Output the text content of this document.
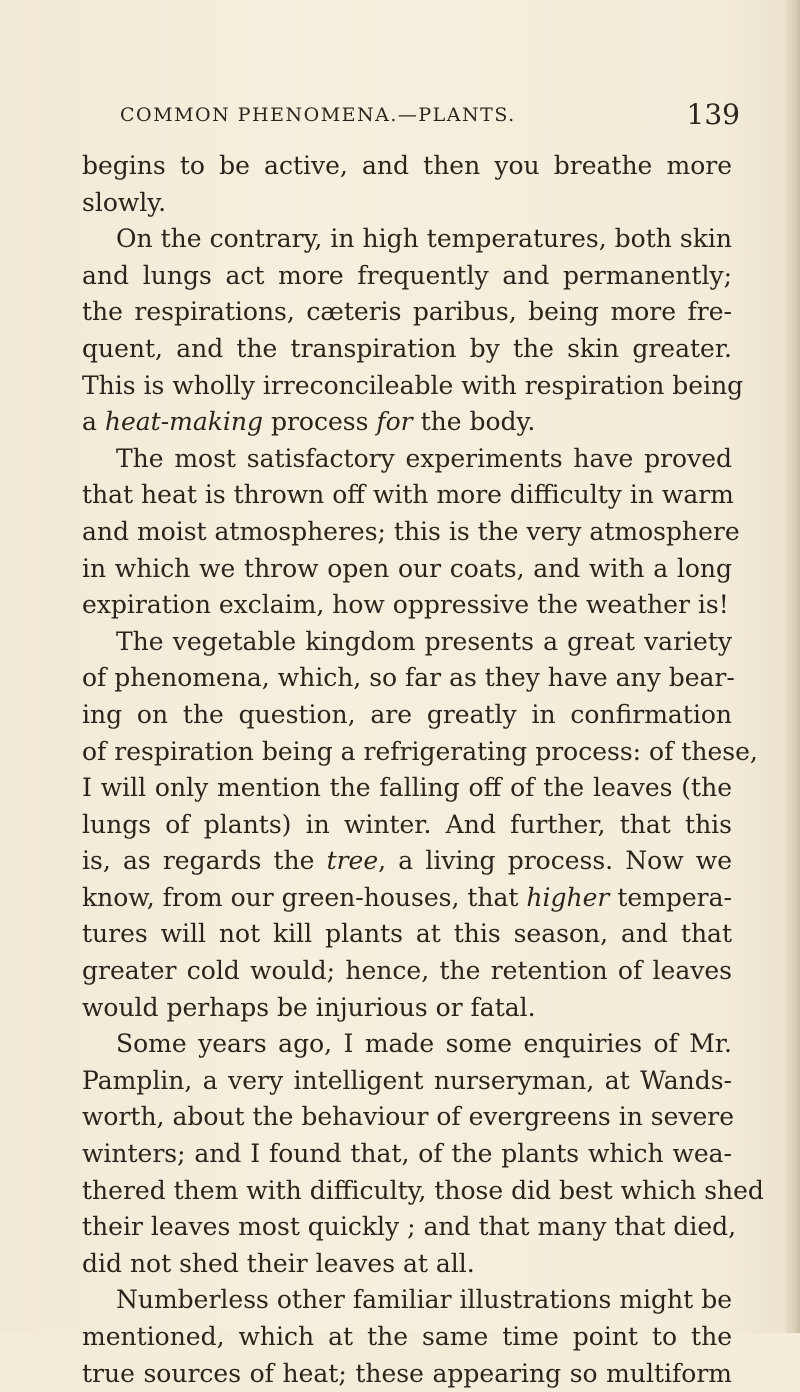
COMMON PHENOMENA.—PLANTS.	139
begins to be active, and then you breathe more
slowly.
On the contrary, in high temperatures, both skin
and lungs act more frequently and permanently;
the respirations, cæteris paribus, being more fre-
quent, and the transpiration by the skin greater.
This is wholly irreconcileable with respiration being
a heat-making process for the body.
The most satisfactory experiments have proved
that heat is thrown off with more difficulty in warm
and moist atmospheres; this is the very atmosphere
in which we throw open our coats, and with a long
expiration exclaim, how oppressive the weather is!
The vegetable kingdom presents a great variety
of phenomena, which, so far as they have any bear-
ing on the question, are greatly in confirmation
of respiration being a refrigerating process: of these,
I will only mention the falling off of the leaves (the
lungs of plants) in winter. And further, that this
is, as regards the tree, a living process. Now we
know, from our green-houses, that higher tempera-
tures will not kill plants at this season, and that
greater cold would; hence, the retention of leaves
would perhaps be injurious or fatal.
Some years ago, I made some enquiries of Mr.
Pamplin, a very intelligent nurseryman, at Wands-
worth, about the behaviour of evergreens in severe
winters; and I found that, of the plants which wea-
thered them with difficulty, those did best which shed
their leaves most quickly ; and that many that died,
did not shed their leaves at all.
Numberless other familiar illustrations might be
mentioned, which at the same time point to the
true sources of heat; these appearing so multiform
